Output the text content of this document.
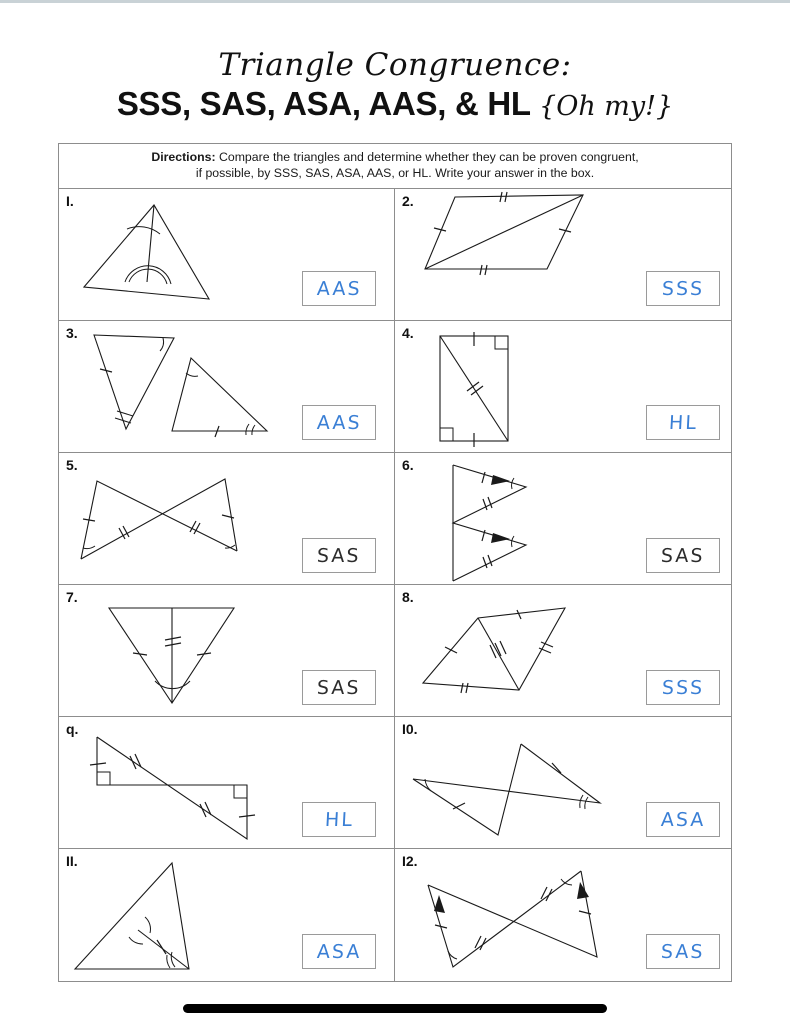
Triangle Congruence:
SSS, SAS, ASA, AAS, & HL {Oh my!}
Directions: Compare the triangles and determine whether they can be proven congruent,
if possible, by SSS, SAS, ASA, AAS, or HL. Write your answer in the box.
I.
AAS
2.
SSS
3.
AAS
4.
HL
5.
SAS
6.
SAS
7.
SAS
8.
SSS
q.
HL
I0.
ASA
II.
ASA
I2.
SAS
